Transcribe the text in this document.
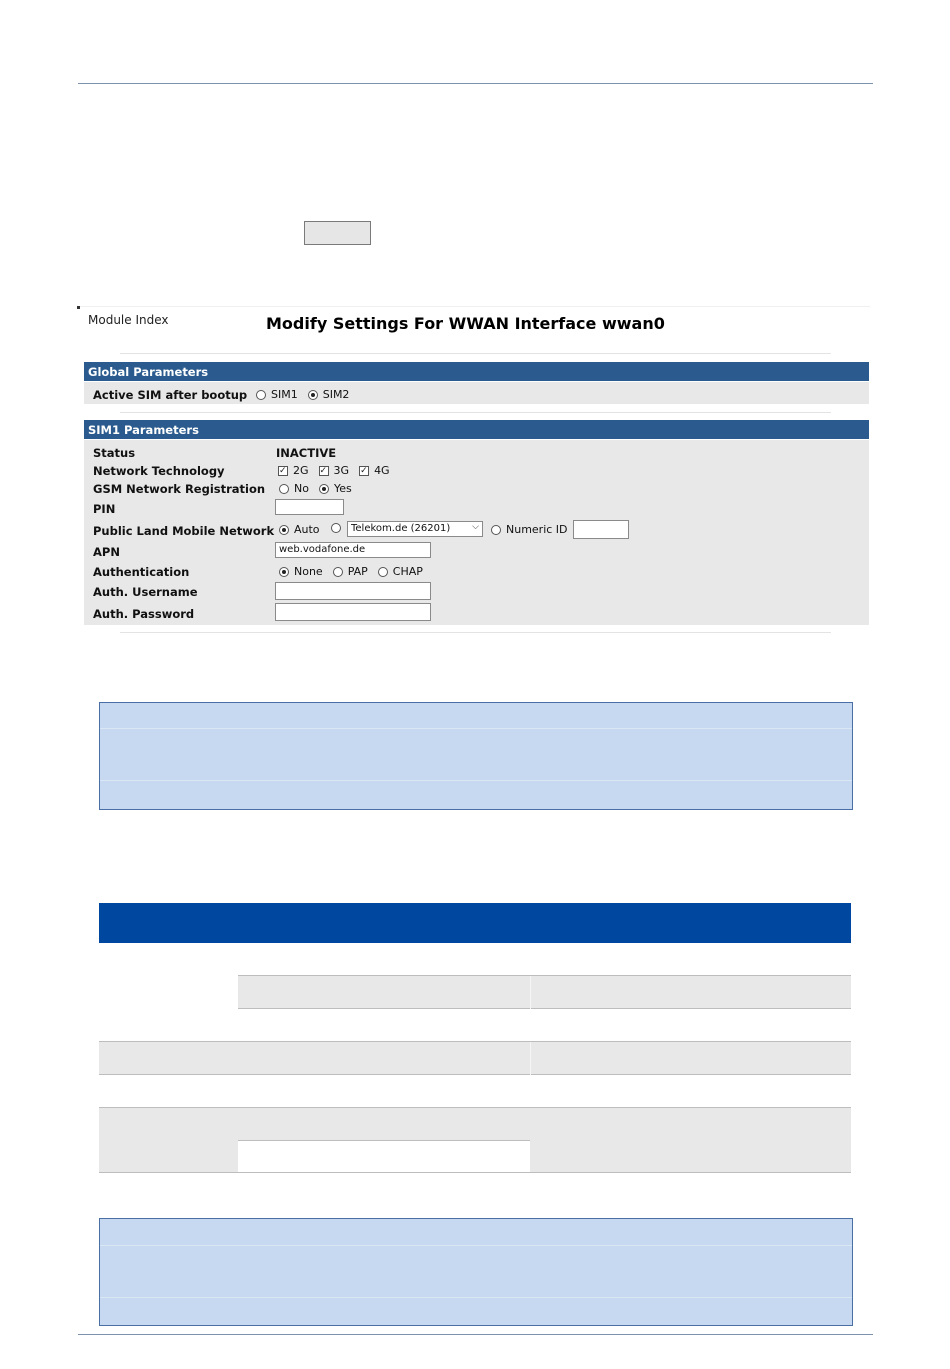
Module Index	Modify Settings For WWAN Interface wwan0
Global Parameters
Active SIM after bootup SIM1 SIM2
SIM1 Parameters
Status	INACTIVE
Network Technology ✓	2G ✓ 3G ✓ 4G
GSM Network Registration	No Yes
PIN
Public Land Mobile Network Auto	Telekom.de (26201) ⌵ Numeric ID
APN	web.vodafone.de
Authentication	None PAP CHAP
Auth. Username
Auth. Password
